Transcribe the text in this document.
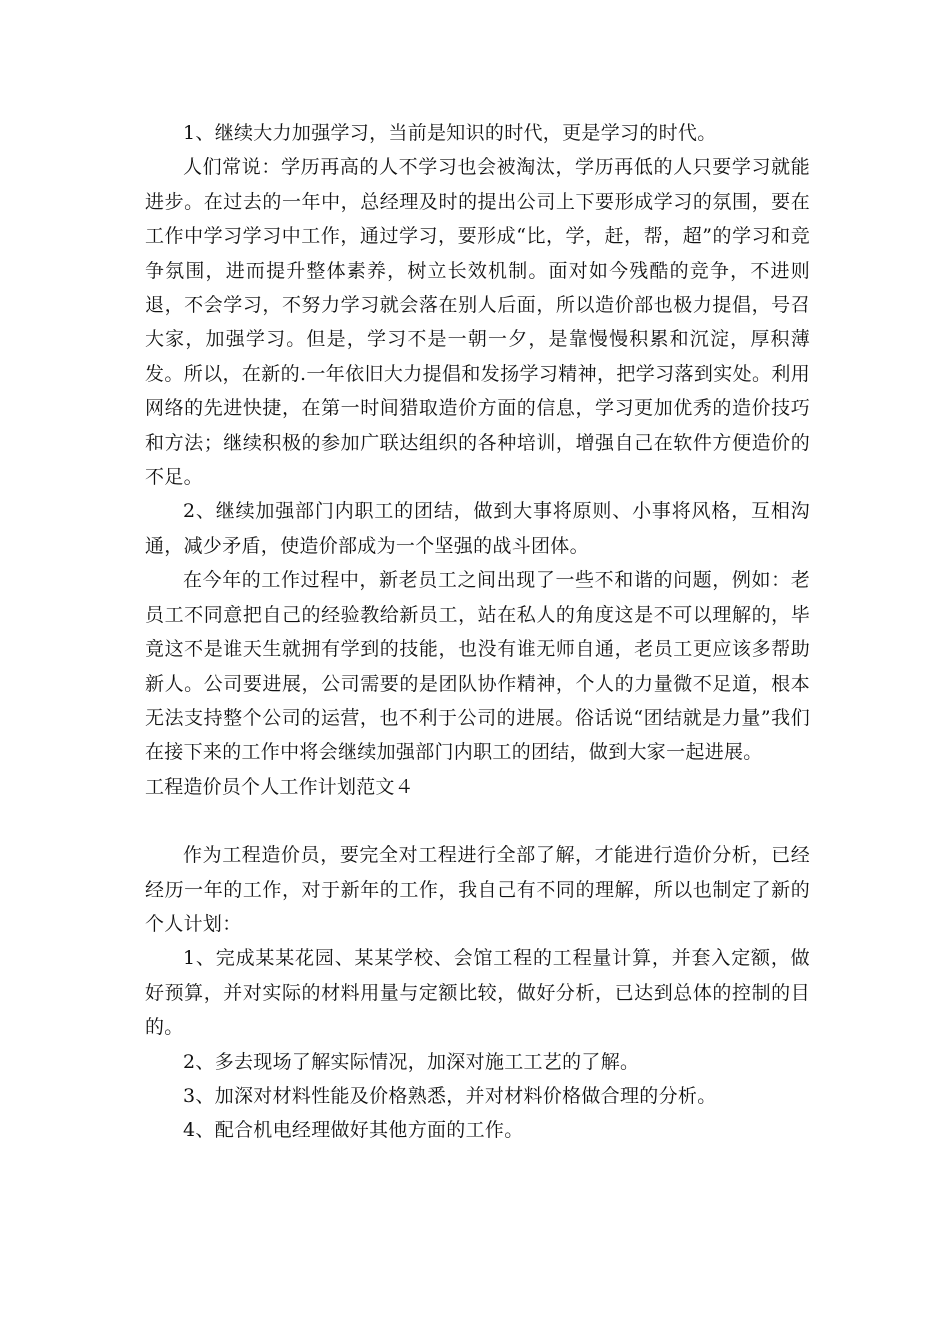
1、继续大力加强学习，当前是知识的时代，更是学习的时代。

人们常说：学历再高的人不学习也会被淘汰，学历再低的人只要学习就能进步。在过去的一年中，总经理及时的提出公司上下要形成学习的氛围，要在工作中学习学习中工作，通过学习，要形成“比，学，赶，帮，超”的学习和竞争氛围，进而提升整体素养，树立长效机制。面对如今残酷的竞争，不进则退，不会学习，不努力学习就会落在别人后面，所以造价部也极力提倡，号召大家，加强学习。但是，学习不是一朝一夕，是靠慢慢积累和沉淀，厚积薄发。所以，在新的.一年依旧大力提倡和发扬学习精神，把学习落到实处。利用网络的先进快捷，在第一时间猎取造价方面的信息，学习更加优秀的造价技巧和方法；继续积极的参加广联达组织的各种培训，增强自己在软件方便造价的不足。

2、继续加强部门内职工的团结，做到大事将原则、小事将风格，互相沟通，减少矛盾，使造价部成为一个坚强的战斗团体。

在今年的工作过程中，新老员工之间出现了一些不和谐的问题，例如：老员工不同意把自己的经验教给新员工，站在私人的角度这是不可以理解的，毕竟这不是谁天生就拥有学到的技能，也没有谁无师自通，老员工更应该多帮助新人。公司要进展，公司需要的是团队协作精神，个人的力量微不足道，根本无法支持整个公司的运营，也不利于公司的进展。俗话说“团结就是力量”我们在接下来的工作中将会继续加强部门内职工的团结，做到大家一起进展。

工程造价员个人工作计划范文４

作为工程造价员，要完全对工程进行全部了解，才能进行造价分析，已经经历一年的工作，对于新年的工作，我自己有不同的理解，所以也制定了新的个人计划：

1、完成某某花园、某某学校、会馆工程的工程量计算，并套入定额，做好预算，并对实际的材料用量与定额比较，做好分析，已达到总体的控制的目的。

2、多去现场了解实际情况，加深对施工工艺的了解。

3、加深对材料性能及价格熟悉，并对材料价格做合理的分析。

4、配合机电经理做好其他方面的工作。
